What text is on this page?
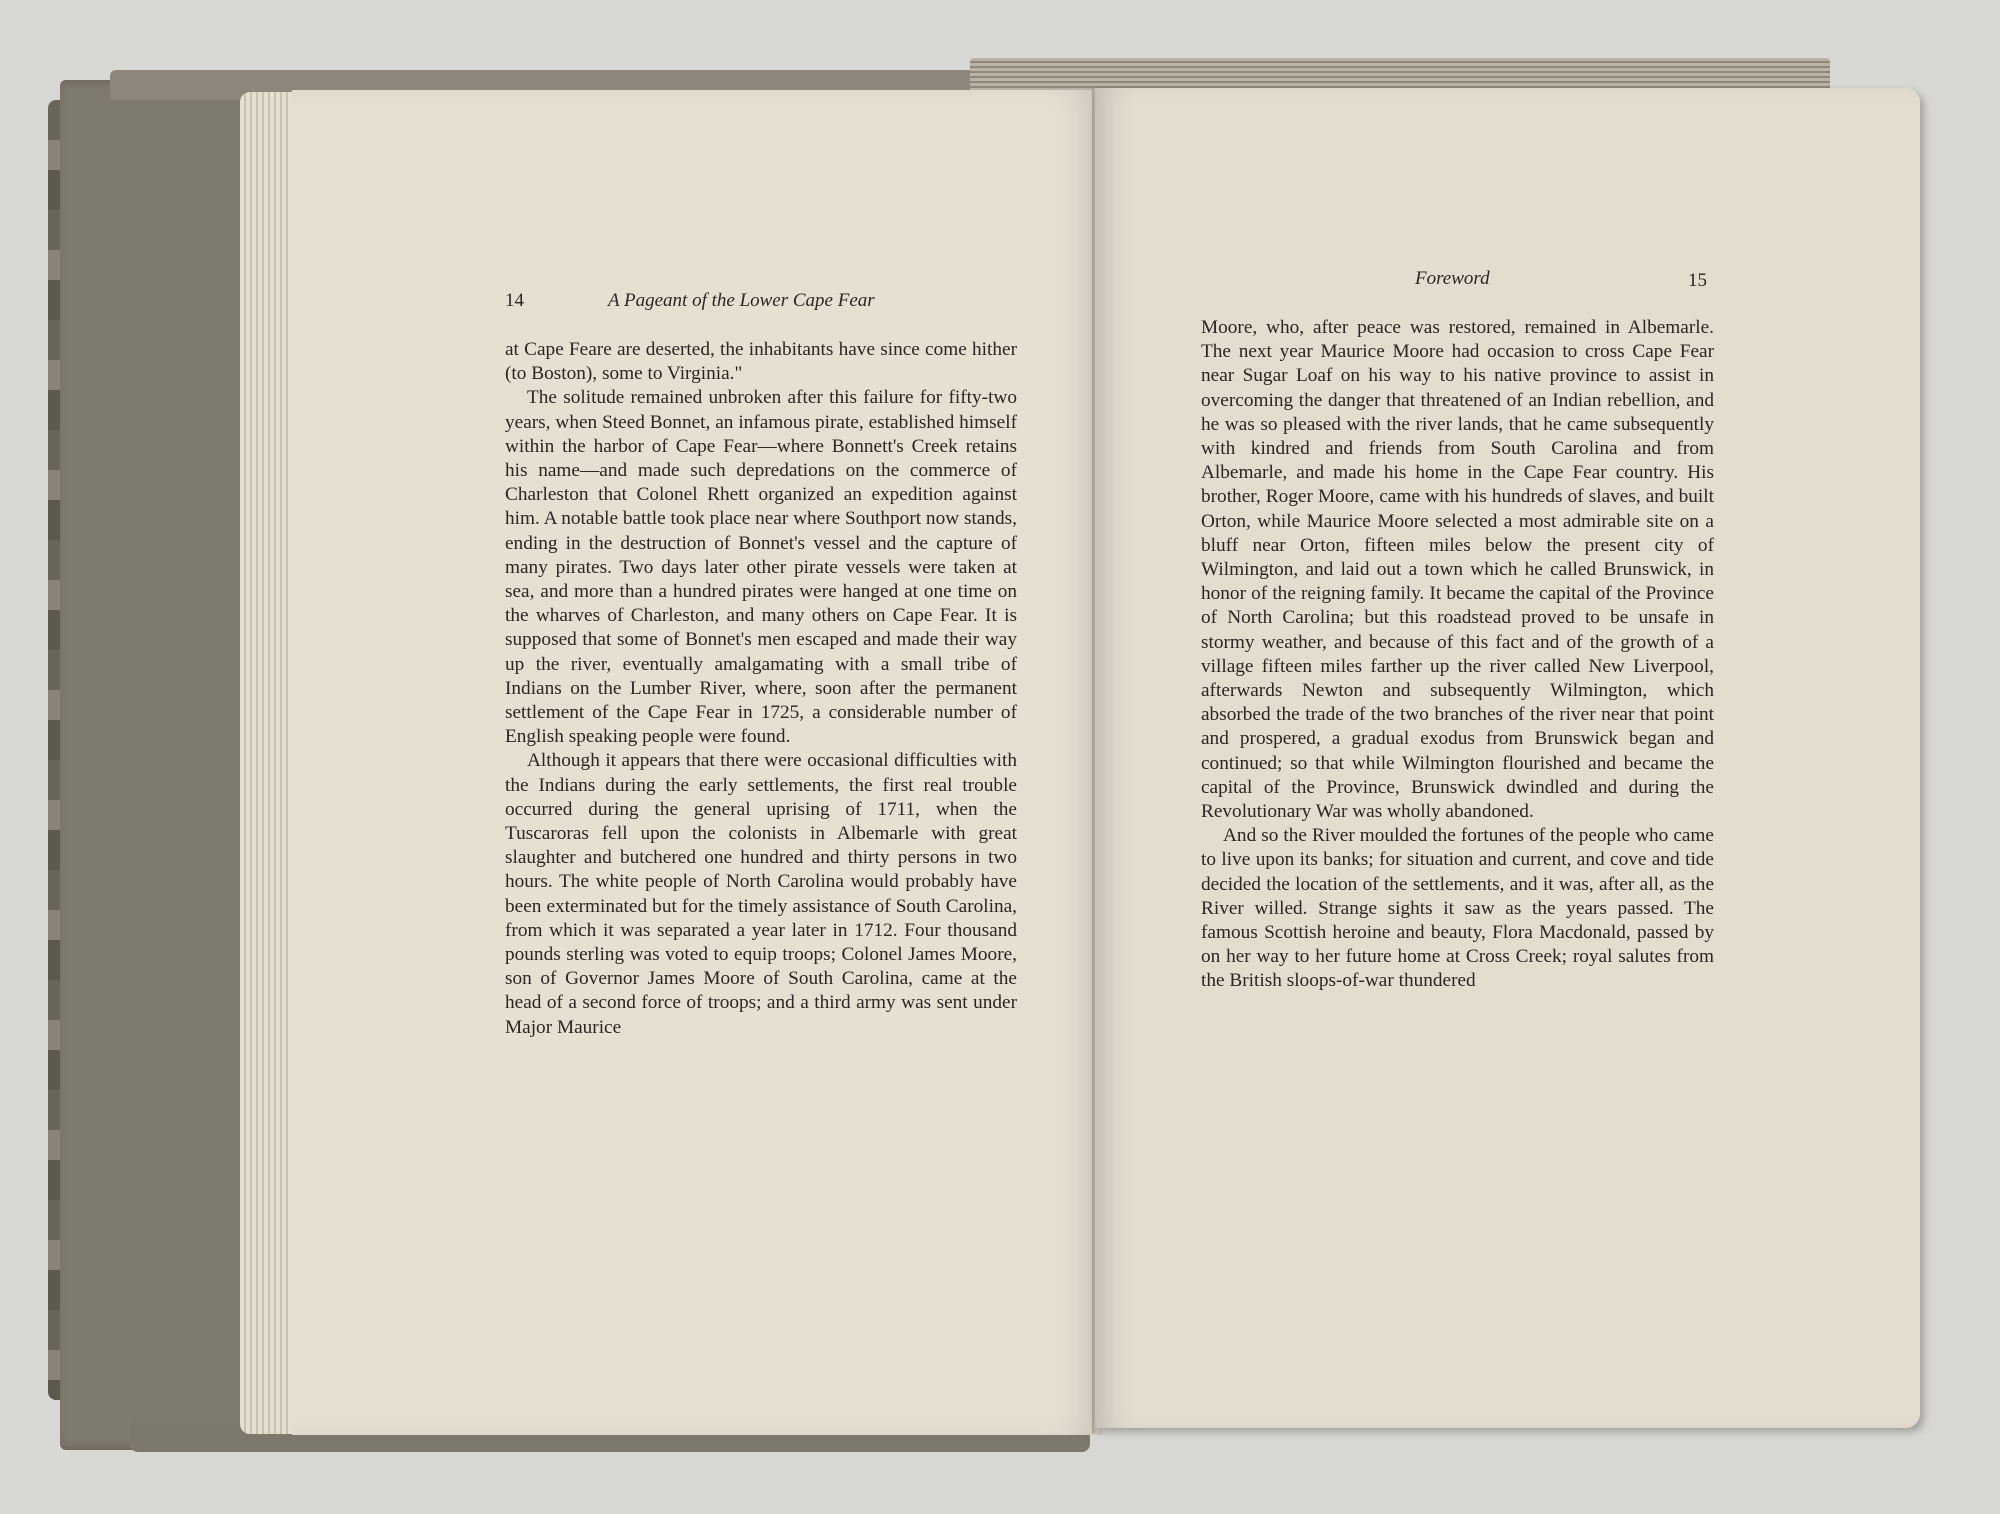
14	A Pageant of the Lower Cape Fear

at Cape Feare are deserted, the inhabitants have since come hither (to Boston), some to Virginia."

The solitude remained unbroken after this failure for fifty-two years, when Steed Bonnet, an infamous pirate, established himself within the harbor of Cape Fear—where Bonnett's Creek retains his name—and made such depredations on the commerce of Charleston that Colonel Rhett organized an expedition against him. A notable battle took place near where Southport now stands, ending in the destruction of Bonnet's vessel and the capture of many pirates. Two days later other pirate vessels were taken at sea, and more than a hundred pirates were hanged at one time on the wharves of Charleston, and many others on Cape Fear. It is supposed that some of Bonnet's men escaped and made their way up the river, eventually amalgamating with a small tribe of Indians on the Lumber River, where, soon after the permanent settlement of the Cape Fear in 1725, a considerable number of English speaking people were found.

Although it appears that there were occasional difficulties with the Indians during the early settlements, the first real trouble occurred during the general uprising of 1711, when the Tuscaroras fell upon the colonists in Albemarle with great slaughter and butchered one hundred and thirty persons in two hours. The white people of North Carolina would probably have been exterminated but for the timely assistance of South Carolina, from which it was separated a year later in 1712. Four thousand pounds sterling was voted to equip troops; Colonel James Moore, son of Governor James Moore of South Carolina, came at the head of a second force of troops; and a third army was sent under Major Maurice

Foreword	15

Moore, who, after peace was restored, remained in Albemarle. The next year Maurice Moore had occasion to cross Cape Fear near Sugar Loaf on his way to his native province to assist in overcoming the danger that threatened of an Indian rebellion, and he was so pleased with the river lands, that he came subsequently with kindred and friends from South Carolina and from Albemarle, and made his home in the Cape Fear country. His brother, Roger Moore, came with his hundreds of slaves, and built Orton, while Maurice Moore selected a most admirable site on a bluff near Orton, fifteen miles below the present city of Wilmington, and laid out a town which he called Brunswick, in honor of the reigning family. It became the capital of the Province of North Carolina; but this roadstead proved to be unsafe in stormy weather, and because of this fact and of the growth of a village fifteen miles farther up the river called New Liverpool, afterwards Newton and subsequently Wilmington, which absorbed the trade of the two branches of the river near that point and prospered, a gradual exodus from Brunswick began and continued; so that while Wilmington flourished and became the capital of the Province, Brunswick dwindled and during the Revolutionary War was wholly abandoned.

And so the River moulded the fortunes of the people who came to live upon its banks; for situation and current, and cove and tide decided the location of the settlements, and it was, after all, as the River willed. Strange sights it saw as the years passed. The famous Scottish heroine and beauty, Flora Macdonald, passed by on her way to her future home at Cross Creek; royal salutes from the British sloops-of-war thundered
